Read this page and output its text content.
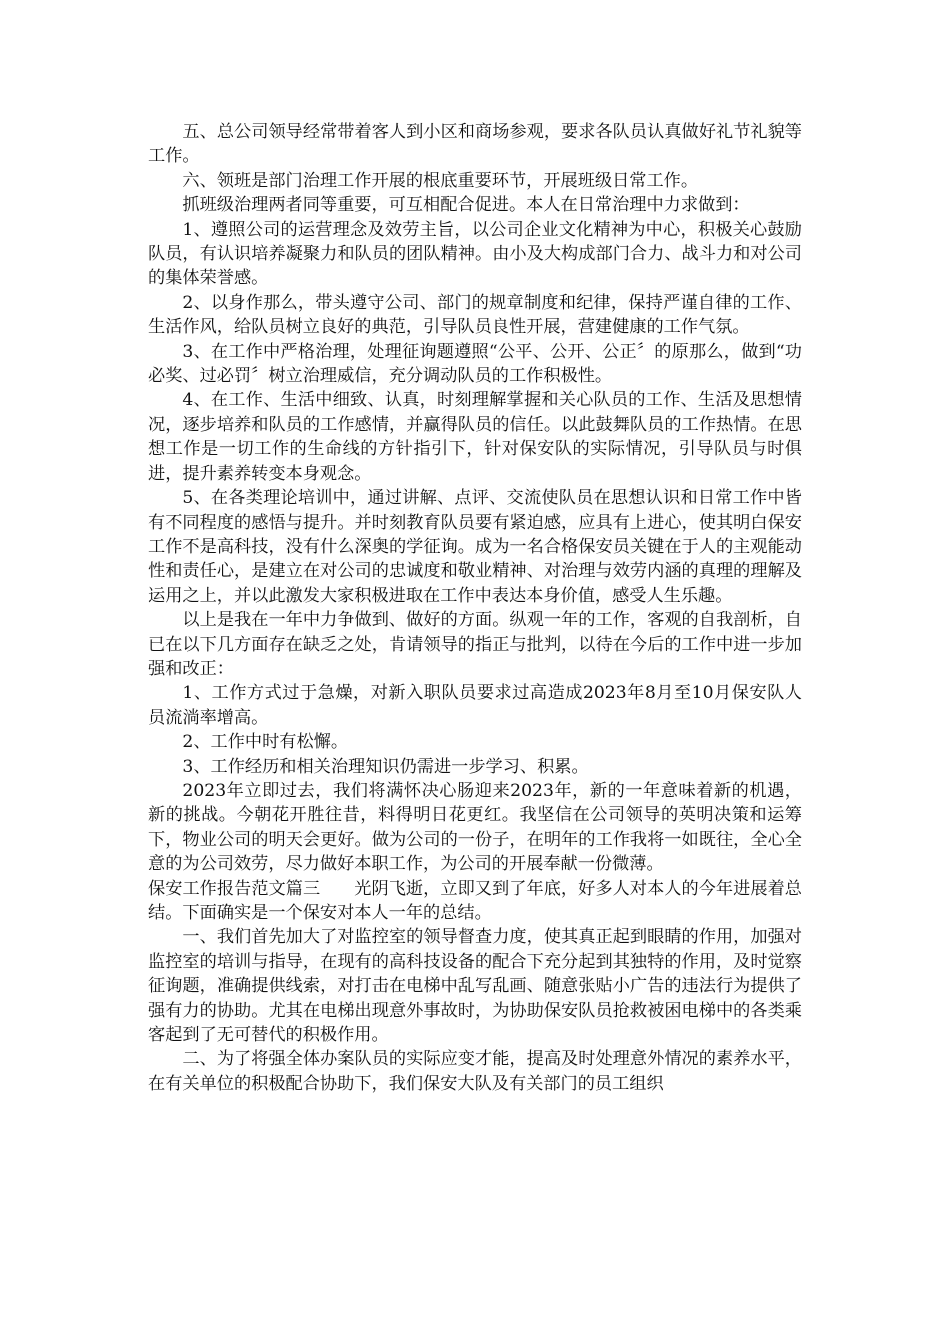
五、总公司领导经常带着客人到小区和商场参观，要求各队员认真做好礼节礼貌等工作。

六、领班是部门治理工作开展的根底重要环节，开展班级日常工作。

抓班级治理两者同等重要，可互相配合促进。本人在日常治理中力求做到：

1、遵照公司的运营理念及效劳主旨，以公司企业文化精神为中心，积极关心鼓励队员，有认识培养凝聚力和队员的团队精神。由小及大构成部门合力、战斗力和对公司的集体荣誉感。

2、以身作那么，带头遵守公司、部门的规章制度和纪律，保持严谨自律的工作、生活作风，给队员树立良好的典范，引导队员良性开展，营建健康的工作气氛。

3、在工作中严格治理，处理征询题遵照“公平、公开、公正〞的原那么，做到“功必奖、过必罚〞树立治理威信，充分调动队员的工作积极性。

4、在工作、生活中细致、认真，时刻理解掌握和关心队员的工作、生活及思想情况，逐步培养和队员的工作感情，并赢得队员的信任。以此鼓舞队员的工作热情。在思想工作是一切工作的生命线的方针指引下，针对保安队的实际情况，引导队员与时俱进，提升素养转变本身观念。

5、在各类理论培训中，通过讲解、点评、交流使队员在思想认识和日常工作中皆有不同程度的感悟与提升。并时刻教育队员要有紧迫感，应具有上进心，使其明白保安工作不是高科技，没有什么深奥的学征询。成为一名合格保安员关键在于人的主观能动性和责任心，是建立在对公司的忠诚度和敬业精神、对治理与效劳内涵的真理的理解及运用之上，并以此激发大家积极进取在工作中表达本身价值，感受人生乐趣。

以上是我在一年中力争做到、做好的方面。纵观一年的工作，客观的自我剖析，自已在以下几方面存在缺乏之处，肯请领导的指正与批判，以待在今后的工作中进一步加强和改正：

1、工作方式过于急燥，对新入职队员要求过高造成2023年8月至10月保安队人员流淌率增高。

2、工作中时有松懈。

3、工作经历和相关治理知识仍需进一步学习、积累。

2023年立即过去，我们将满怀决心肠迎来2023年，新的一年意味着新的机遇，新的挑战。今朝花开胜往昔，料得明日花更红。我坚信在公司领导的英明决策和运筹下，物业公司的明天会更好。做为公司的一份子，在明年的工作我将一如既往，全心全意的为公司效劳，尽力做好本职工作，为公司的开展奉献一份微薄。

保安工作报告范文篇三 光阴飞逝，立即又到了年底，好多人对本人的今年进展着总结。下面确实是一个保安对本人一年的总结。

一、我们首先加大了对监控室的领导督查力度，使其真正起到眼睛的作用，加强对监控室的培训与指导，在现有的高科技设备的配合下充分起到其独特的作用，及时觉察征询题，准确提供线索，对打击在电梯中乱写乱画、随意张贴小广告的违法行为提供了强有力的协助。尤其在电梯出现意外事故时，为协助保安队员抢救被困电梯中的各类乘客起到了无可替代的积极作用。

二、为了将强全体办案队员的实际应变才能，提高及时处理意外情况的素养水平，在有关单位的积极配合协助下，我们保安大队及有关部门的员工组织
